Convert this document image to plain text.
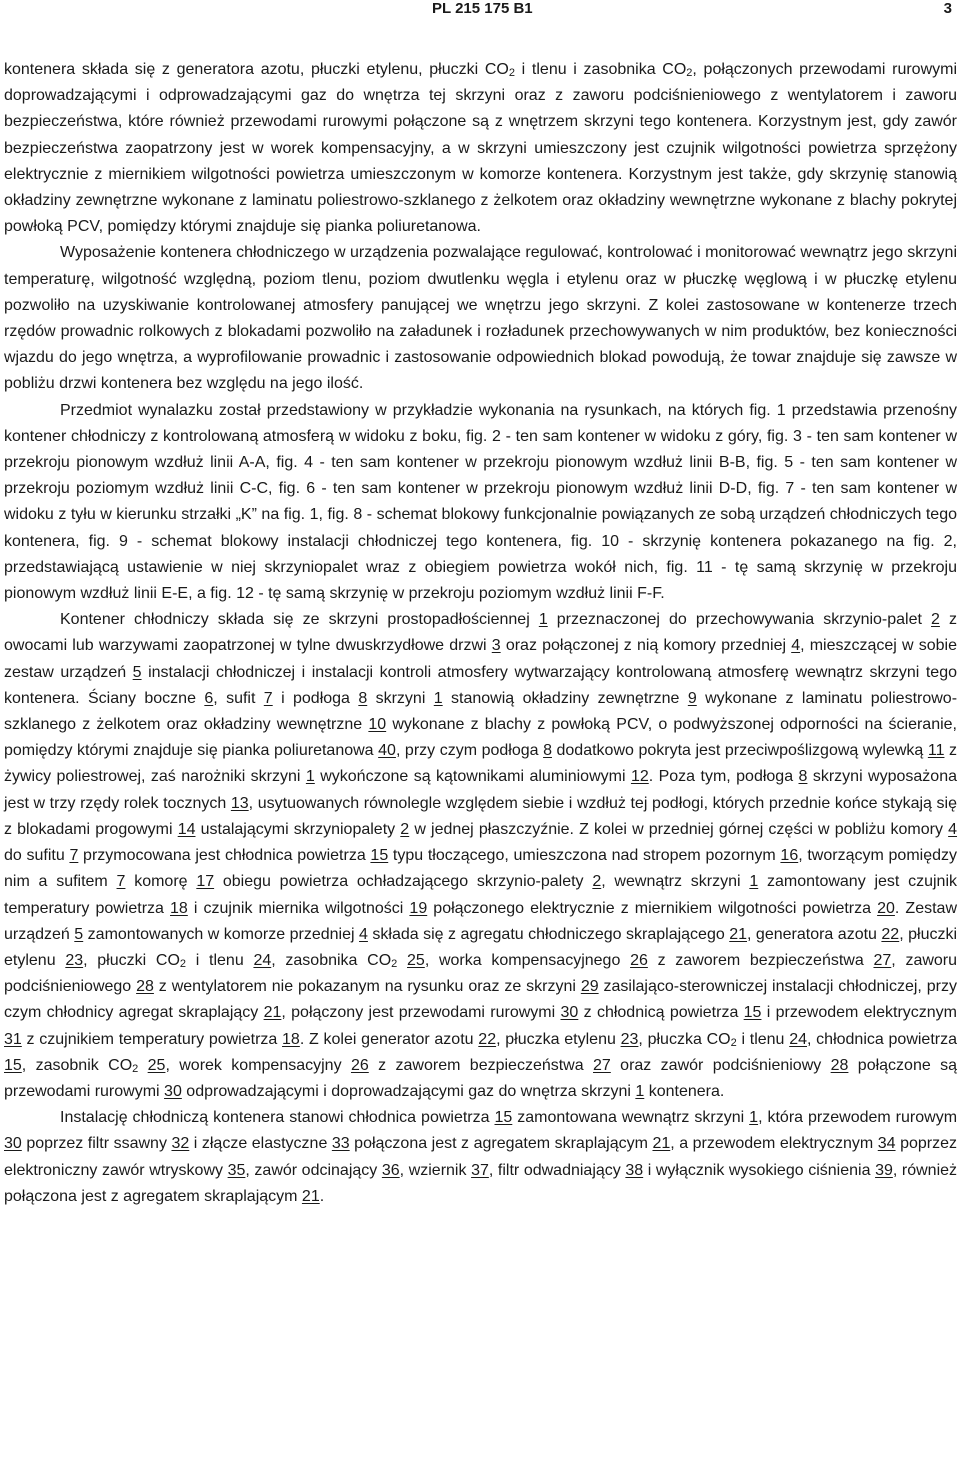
PL 215 175 B1	3

kontenera składa się z generatora azotu, płuczki etylenu, płuczki $CO_2$ i tlenu i zasobnika $CO_2$, połączonych przewodami rurowymi doprowadzającymi i odprowadzającymi gaz do wnętrza tej skrzyni oraz z zaworu podciśnieniowego z wentylatorem i zaworu bezpieczeństwa, które również przewodami rurowymi połączone są z wnętrzem skrzyni tego kontenera. Korzystnym jest, gdy zawór bezpieczeństwa zaopatrzony jest w worek kompensacyjny, a w skrzyni umieszczony jest czujnik wilgotności powietrza sprzężony elektrycznie z miernikiem wilgotności powietrza umieszczonym w komorze kontenera. Korzystnym jest także, gdy skrzynię stanowią okładziny zewnętrzne wykonane z laminatu poliestrowo-szklanego z żelkotem oraz okładziny wewnętrzne wykonane z blachy pokrytej powłoką PCV, pomiędzy którymi znajduje się pianka poliuretanowa.

Wyposażenie kontenera chłodniczego w urządzenia pozwalające regulować, kontrolować i monitorować wewnątrz jego skrzyni temperaturę, wilgotność względną, poziom tlenu, poziom dwutlenku węgla i etylenu oraz w płuczkę węglową i w płuczkę etylenu pozwoliło na uzyskiwanie kontrolowanej atmosfery panującej we wnętrzu jego skrzyni. Z kolei zastosowane w kontenerze trzech rzędów prowadnic rolkowych z blokadami pozwoliło na załadunek i rozładunek przechowywanych w nim produktów, bez konieczności wjazdu do jego wnętrza, a wyprofilowanie prowadnic i zastosowanie odpowiednich blokad powodują, że towar znajduje się zawsze w pobliżu drzwi kontenera bez względu na jego ilość.

Przedmiot wynalazku został przedstawiony w przykładzie wykonania na rysunkach, na których fig. 1 przedstawia przenośny kontener chłodniczy z kontrolowaną atmosferą w widoku z boku, fig. 2 - ten sam kontener w widoku z góry, fig. 3 - ten sam kontener w przekroju pionowym wzdłuż linii A-A, fig. 4 - ten sam kontener w przekroju pionowym wzdłuż linii B-B, fig. 5 - ten sam kontener w przekroju poziomym wzdłuż linii C-C, fig. 6 - ten sam kontener w przekroju pionowym wzdłuż linii D-D, fig. 7 - ten sam kontener w widoku z tyłu w kierunku strzałki „K” na fig. 1, fig. 8 - schemat blokowy funkcjonalnie powiązanych ze sobą urządzeń chłodniczych tego kontenera, fig. 9 - schemat blokowy instalacji chłodniczej tego kontenera, fig. 10 - skrzynię kontenera pokazanego na fig. 2, przedstawiającą ustawienie w niej skrzyniopalet wraz z obiegiem powietrza wokół nich, fig. 11 - tę samą skrzynię w przekroju pionowym wzdłuż linii E-E, a fig. 12 - tę samą skrzynię w przekroju poziomym wzdłuż linii F-F.

Kontener chłodniczy składa się ze skrzyni prostopadłościennej 1 przeznaczonej do przechowywania skrzynio-palet 2 z owocami lub warzywami zaopatrzonej w tylne dwuskrzydłowe drzwi 3 oraz połączonej z nią komory przedniej 4, mieszczącej w sobie zestaw urządzeń 5 instalacji chłodniczej i instalacji kontroli atmosfery wytwarzający kontrolowaną atmosferę wewnątrz skrzyni tego kontenera. Ściany boczne 6, sufit 7 i podłoga 8 skrzyni 1 stanowią okładziny zewnętrzne 9 wykonane z laminatu poliestrowo-szklanego z żelkotem oraz okładziny wewnętrzne 10 wykonane z blachy z powłoką PCV, o podwyższonej odporności na ścieranie, pomiędzy którymi znajduje się pianka poliuretanowa 40, przy czym podłoga 8 dodatkowo pokryta jest przeciwpoślizgową wylewką 11 z żywicy poliestrowej, zaś narożniki skrzyni 1 wykończone są kątownikami aluminiowymi 12. Poza tym, podłoga 8 skrzyni wyposażona jest w trzy rzędy rolek tocznych 13, usytuowanych równolegle względem siebie i wzdłuż tej podłogi, których przednie końce stykają się z blokadami progowymi 14 ustalającymi skrzyniopalety 2 w jednej płaszczyźnie. Z kolei w przedniej górnej części w pobliżu komory 4 do sufitu 7 przymocowana jest chłodnica powietrza 15 typu tłoczącego, umieszczona nad stropem pozornym 16, tworzącym pomiędzy nim a sufitem 7 komorę 17 obiegu powietrza ochładzającego skrzynio-palety 2, wewnątrz skrzyni 1 zamontowany jest czujnik temperatury powietrza 18 i czujnik miernika wilgotności 19 połączonego elektrycznie z miernikiem wilgotności powietrza 20. Zestaw urządzeń 5 zamontowanych w komorze przedniej 4 składa się z agregatu chłodniczego skraplającego 21, generatora azotu 22, płuczki etylenu 23, płuczki $CO_2$ i tlenu 24, zasobnika $CO_2$ 25, worka kompensacyjnego 26 z zaworem bezpieczeństwa 27, zaworu podciśnieniowego 28 z wentylatorem nie pokazanym na rysunku oraz ze skrzyni 29 zasilająco-sterowniczej instalacji chłodniczej, przy czym chłodnicy agregat skraplający 21, połączony jest przewodami rurowymi 30 z chłodnicą powietrza 15 i przewodem elektrycznym 31 z czujnikiem temperatury powietrza 18. Z kolei generator azotu 22, płuczka etylenu 23, płuczka $CO_2$ i tlenu 24, chłodnica powietrza 15, zasobnik $CO_2$ 25, worek kompensacyjny 26 z zaworem bezpieczeństwa 27 oraz zawór podciśnieniowy 28 połączone są przewodami rurowymi 30 odprowadzającymi i doprowadzającymi gaz do wnętrza skrzyni 1 kontenera.

Instalację chłodniczą kontenera stanowi chłodnica powietrza 15 zamontowana wewnątrz skrzyni 1, która przewodem rurowym 30 poprzez filtr ssawny 32 i złącze elastyczne 33 połączona jest z agregatem skraplającym 21, a przewodem elektrycznym 34 poprzez elektroniczny zawór wtryskowy 35, zawór odcinający 36, wziernik 37, filtr odwadniający 38 i wyłącznik wysokiego ciśnienia 39, również połączona jest z agregatem skraplającym 21.
